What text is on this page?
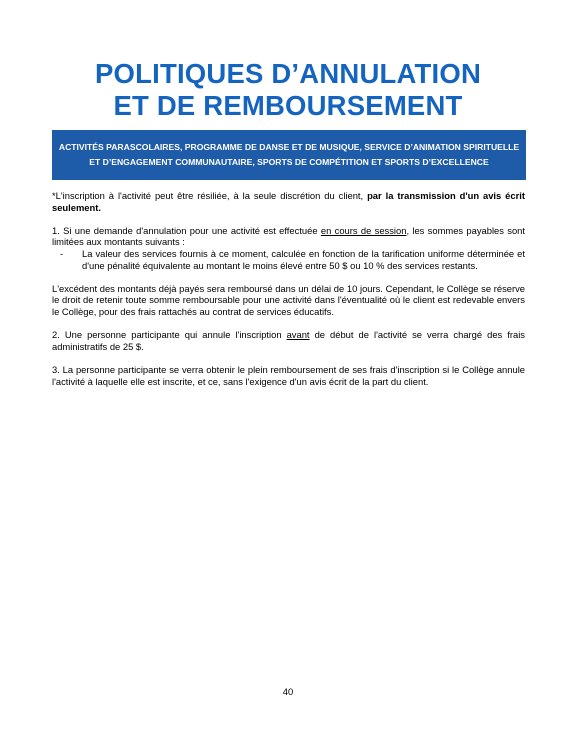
POLITIQUES D’ANNULATION
ET DE REMBOURSEMENT
ACTIVITÉS PARASCOLAIRES, PROGRAMME DE DANSE ET DE MUSIQUE, SERVICE D’ANIMATION SPIRITUELLE
ET D’ENGAGEMENT COMMUNAUTAIRE, SPORTS DE COMPÉTITION ET SPORTS D’EXCELLENCE

*L'inscription à l'activité peut être résiliée, à la seule discrétion du client, par la transmission d'un avis écrit seulement.

1. Si une demande d'annulation pour une activité est effectuée en cours de session, les sommes payables sont limitées aux montants suivants :

-	La valeur des services fournis à ce moment, calculée en fonction de la tarification uniforme déterminée et d'une pénalité équivalente au montant le moins élevé entre 50 $ ou 10 % des services restants.

L'excédent des montants déjà payés sera remboursé dans un délai de 10 jours. Cependant, le Collège se réserve le droit de retenir toute somme remboursable pour une activité dans l'éventualité où le client est redevable envers le Collège, pour des frais rattachés au contrat de services éducatifs.

2. Une personne participante qui annule l'inscription avant de début de l'activité se verra chargé des frais administratifs de 25 $.

3. La personne participante se verra obtenir le plein remboursement de ses frais d'inscription si le Collège annule l'activité à laquelle elle est inscrite, et ce, sans l'exigence d'un avis écrit de la part du client.

40
